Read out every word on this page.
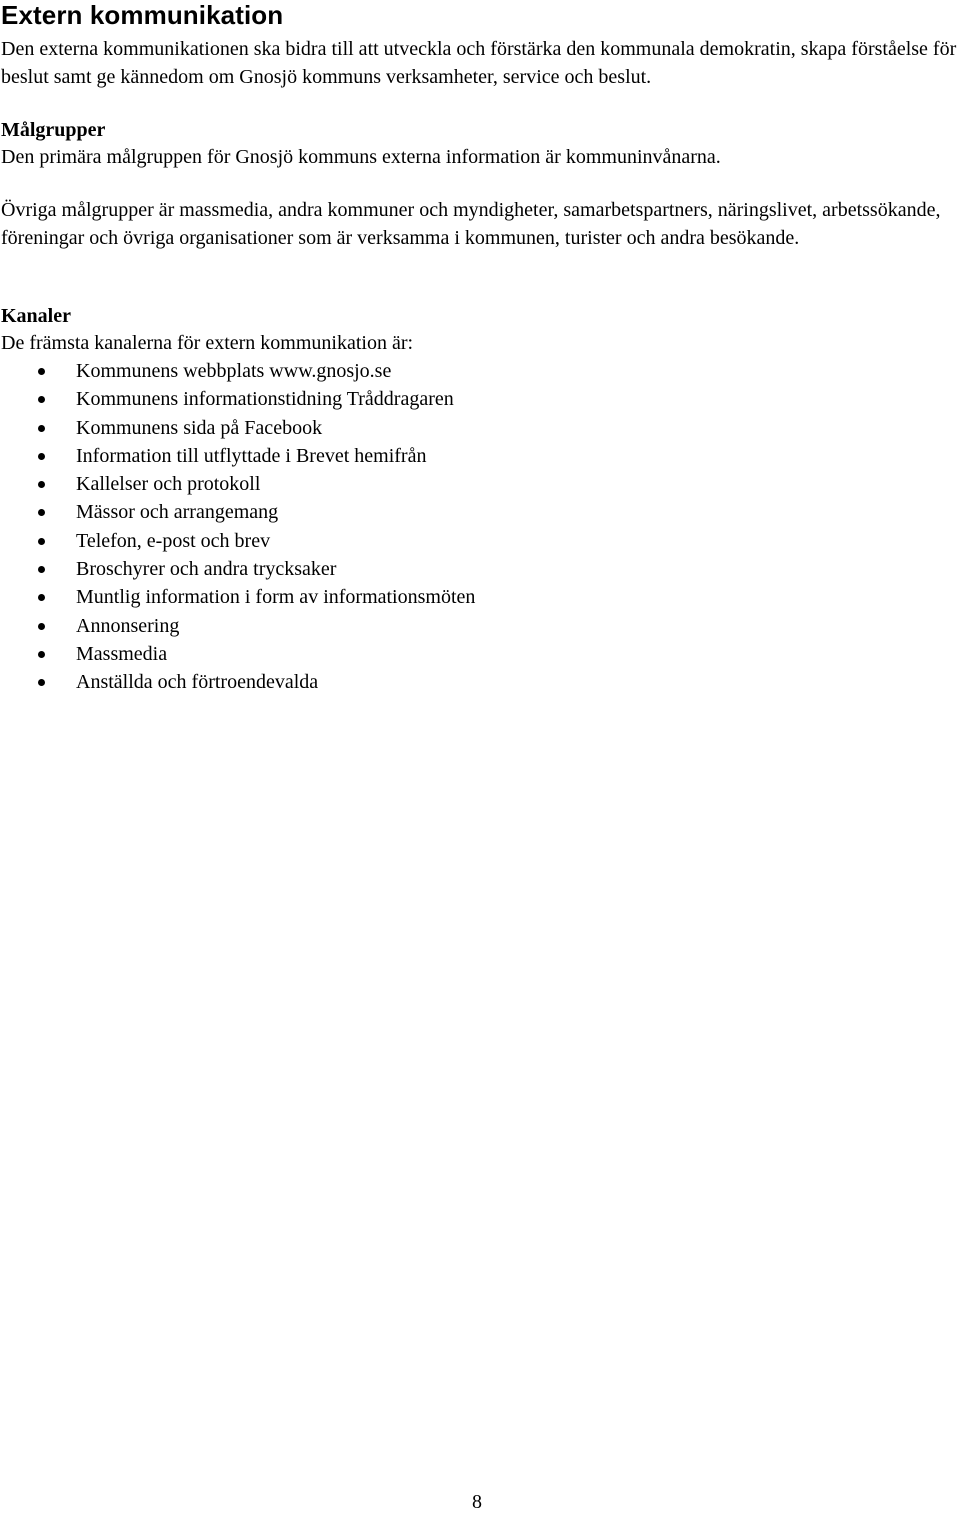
Extern kommunikation

Den externa kommunikationen ska bidra till att utveckla och förstärka den kommunala demokratin, skapa förståelse för beslut samt ge kännedom om Gnosjö kommuns verksamheter, service och beslut.

Målgrupper

Den primära målgruppen för Gnosjö kommuns externa information är kommuninvånarna.

Övriga målgrupper är massmedia, andra kommuner och myndigheter, samarbetspartners, näringslivet, arbetssökande, föreningar och övriga organisationer som är verksamma i kommunen, turister och andra besökande.

Kanaler

De främsta kanalerna för extern kommunikation är:

Kommunens webbplats www.gnosjo.se
Kommunens informationstidning Tråddragaren
Kommunens sida på Facebook
Information till utflyttade i Brevet hemifrån
Kallelser och protokoll
Mässor och arrangemang
Telefon, e-post och brev
Broschyrer och andra trycksaker
Muntlig information i form av informationsmöten
Annonsering
Massmedia
Anställda och förtroendevalda
8
